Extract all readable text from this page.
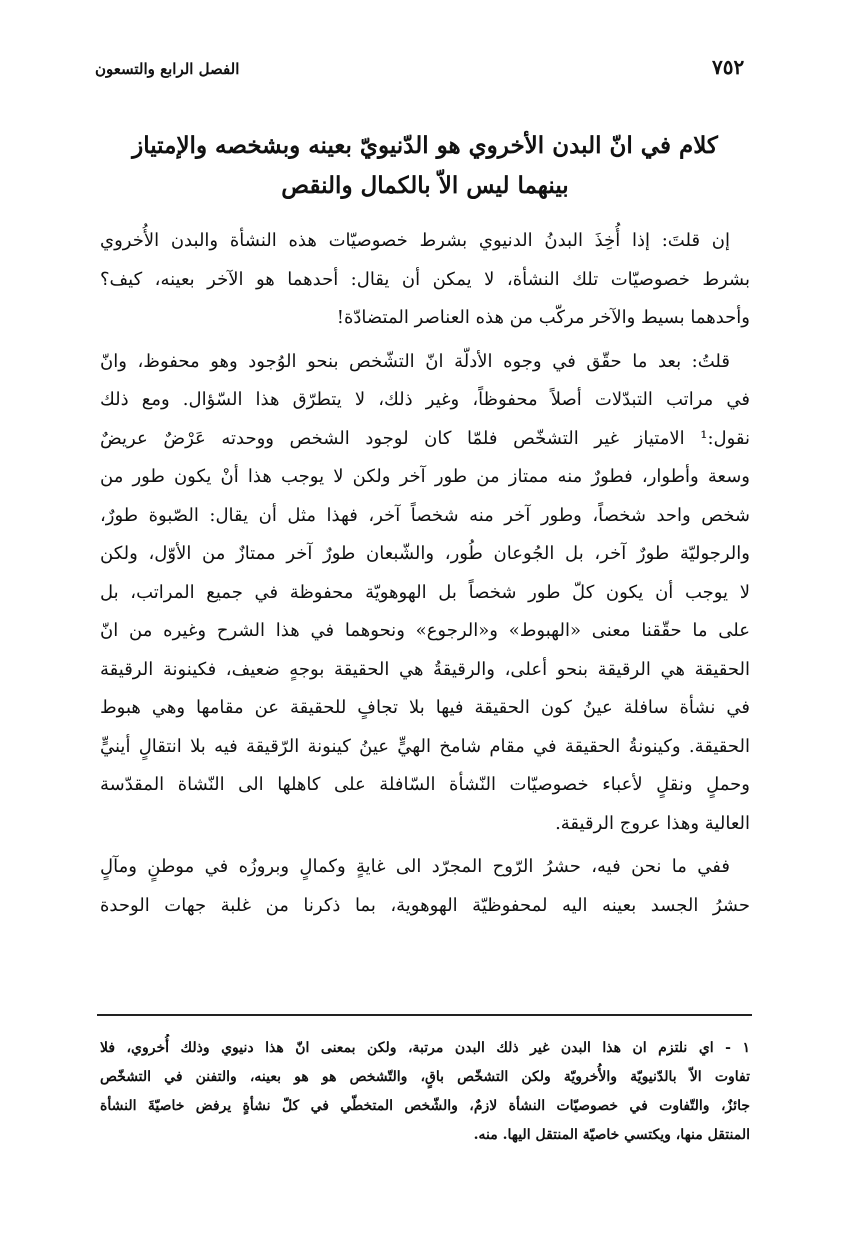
الفصل الرابع والتسعون	٧٥٢
كلام في انّ البدن الأخروي هو الدّنيويّ بعينه وبشخصه والإمتياز
بينهما ليس الاّ بالكمال والنقص
إن قلتَ: إذا أُخِذَ البدنُ الدنيوي بشرط خصوصيّات هذه النشأة والبدن الأُخروي
بشرط خصوصيّات تلك النشأة، لا يمكن أن يقال: أحدهما هو الآخر بعينه، كيف؟
وأحدهما بسيط والآخر مركّب من هذه العناصر المتضادّة!
قلتُ: بعد ما حقّق في وجوه الأدلّة انّ التشّخص بنحو الوُجود وهو محفوظ، وانّ
في مراتب التبدّلات أصلاً محفوظاً، وغير ذلك، لا يتطرّق هذا السّؤال. ومع ذلك
نقول:¹ الامتياز غير التشخّص فلمّا كان لوجود الشخص ووحدته عَرْضٌ عريضٌ
وسعة وأطوار، فطورٌ منه ممتاز من طور آخر ولكن لا يوجب هذا أنْ يكون طور من
شخص واحد شخصاً، وطور آخر منه شخصاً آخر، فهذا مثل أن يقال: الصّبوة طورٌ،
والرجوليّة طورٌ آخر، بل الجُوعان طُور، والشّبعان طورٌ آخر ممتازٌ من الأوّل، ولكن
لا يوجب أن يكون كلّ طور شخصاً بل الهوهويّة محفوظة في جميع المراتب، بل
على ما حقّقنا معنى «الهبوط» و«الرجوع» ونحوهما في هذا الشرح وغيره من انّ
الحقيقة هي الرقيقة بنحو أعلى، والرقيقةُ هي الحقيقة بوجهٍ ضعيف، فكينونة الرقيقة
في نشأة سافلة عينُ كون الحقيقة فيها بلا تجافٍ للحقيقة عن مقامها وهي هبوط
الحقيقة. وكينونةُ الحقيقة في مقام شامخ الهيٍّ عينُ كينونة الرّقيقة فيه بلا انتقالٍ أينيٍّ
وحملٍ ونقلٍ لأعباء خصوصيّات النّشأة السّافلة على كاهلها الى النّشاة المقدّسة
العالية وهذا عروج الرقيقة.
ففي ما نحن فيه، حشرُ الرّوح المجرّد الى غايةٍ وكمالٍ وبروزُه في موطنٍ ومآلٍ
حشرُ الجسد بعينه اليه لمحفوظيّة الهوهوية، بما ذكرنا من غلبة جهات الوحدة
١ - اي نلتزم ان هذا البدن غير ذلك البدن مرتبة، ولكن بمعنى انّ هذا دنيوي وذلك أُخروي، فلا
تفاوت الاّ بالدّنيويّة والأُخرويّة ولكن التشخّص باقٍ، والتّشخص هو هو بعينه، والتفنن في التشخّص
جائزٌ، والتّفاوت في خصوصيّات النشأة لازمٌ، والشّخص المتخطّي في كلّ نشأةٍ يرفض خاصيّةَ النشأة
المنتقل منها، ويكتسي خاصيّة المنتقل اليها. منه.
